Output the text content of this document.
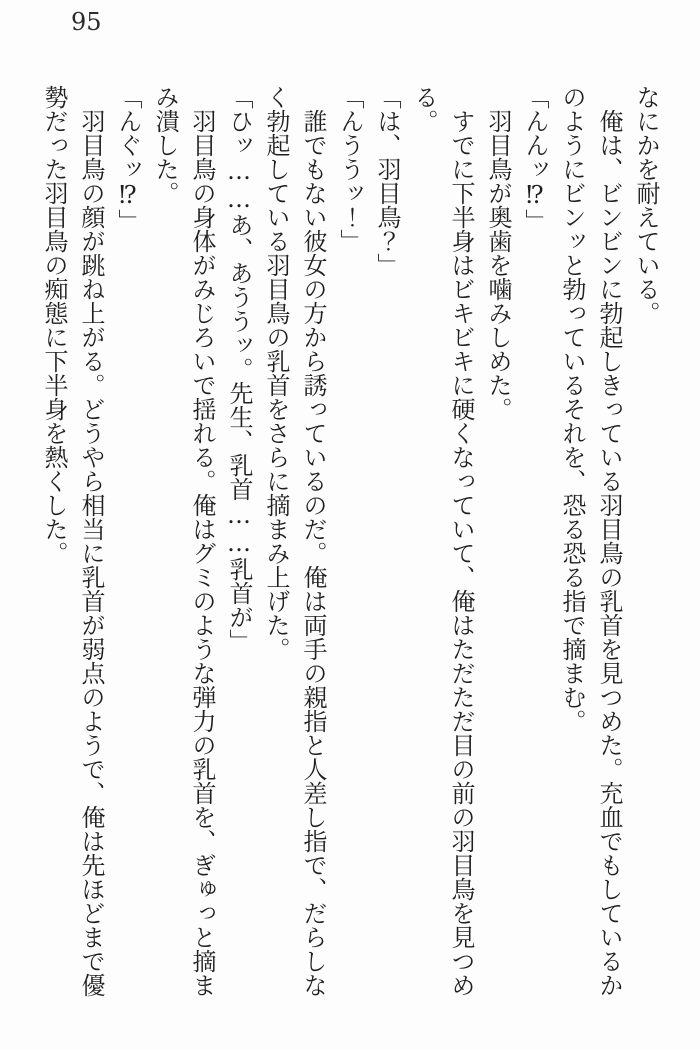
95

なにかを耐えている。

　俺は、ビンビンに勃起しきっている羽目鳥の乳首を見つめた。充血でもしているかのようにビンッと勃っているそれを、恐る恐る指で摘まむ。

「んんッ⁉」

　羽目鳥が奥歯を噛みしめた。

　すでに下半身はビキビキに硬くなっていて、俺はただただ目の前の羽目鳥を見つめる。

「は、羽目鳥？」

「んううッ！」

　誰でもない彼女の方から誘っているのだ。俺は両手の親指と人差し指で、だらしなく勃起している羽目鳥の乳首をさらに摘まみ上げた。

「ひッ……あ、あううッ。先生、乳首……乳首が」

　羽目鳥の身体がみじろいで揺れる。俺はグミのような弾力の乳首を、ぎゅっと摘まみ潰した。

「んぐッ⁉」

　羽目鳥の顔が跳ね上がる。どうやら相当に乳首が弱点のようで、俺は先ほどまで優勢だった羽目鳥の痴態に下半身を熱くした。
